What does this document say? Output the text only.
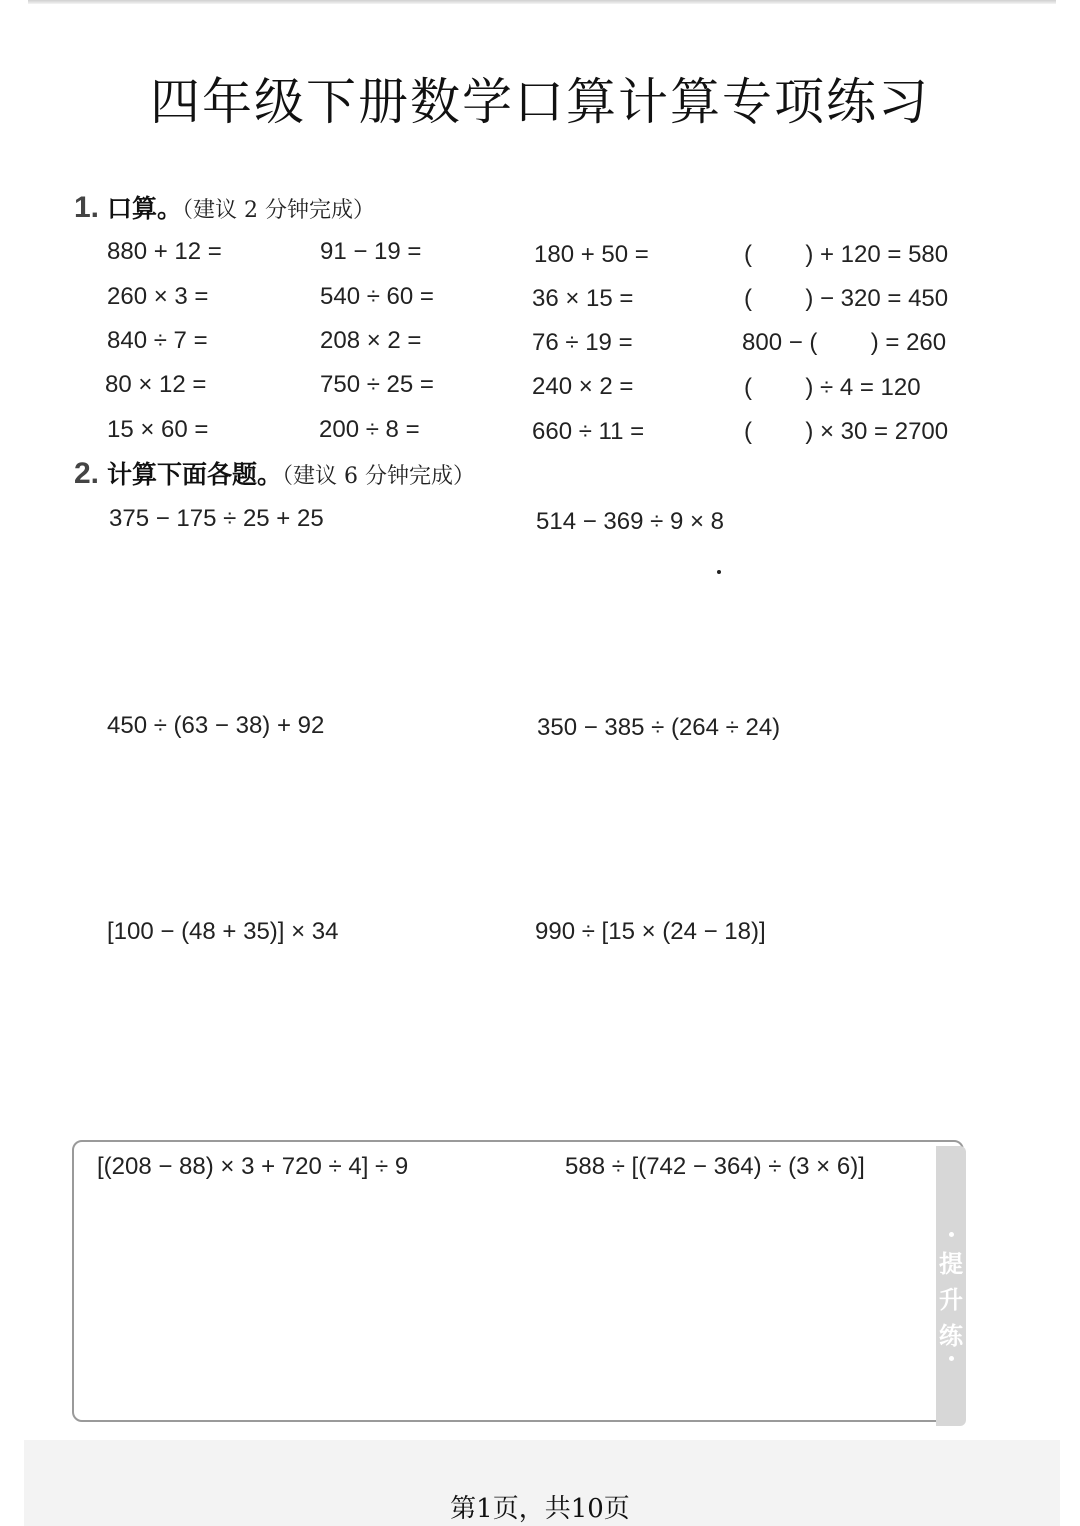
四年级下册数学口算计算专项练习
1. 口算。（建议 2 分钟完成）
880 + 12 =	91 − 19 =	180 + 50 =	(        ) + 120 = 580
260 × 3 =	540 ÷ 60 =	36 × 15 =	(        ) − 320 = 450
840 ÷ 7 =	208 × 2 =	76 ÷ 19 =	800 − (        ) = 260
80 × 12 =	750 ÷ 25 =	240 × 2 =	(        ) ÷ 4 = 120
15 × 60 =	200 ÷ 8 =	660 ÷ 11 =	(        ) × 30 = 2700
2. 计算下面各题。（建议 6 分钟完成）
375 − 175 ÷ 25 + 25	514 − 369 ÷ 9 × 8
450 ÷ (63 − 38) + 92	350 − 385 ÷ (264 ÷ 24)
[100 − (48 + 35)] × 34	990 ÷ [15 × (24 − 18)]
[(208 − 88) × 3 + 720 ÷ 4] ÷ 9	588 ÷ [(742 − 364) ÷ (3 × 6)]
提升练
第1页，共10页
